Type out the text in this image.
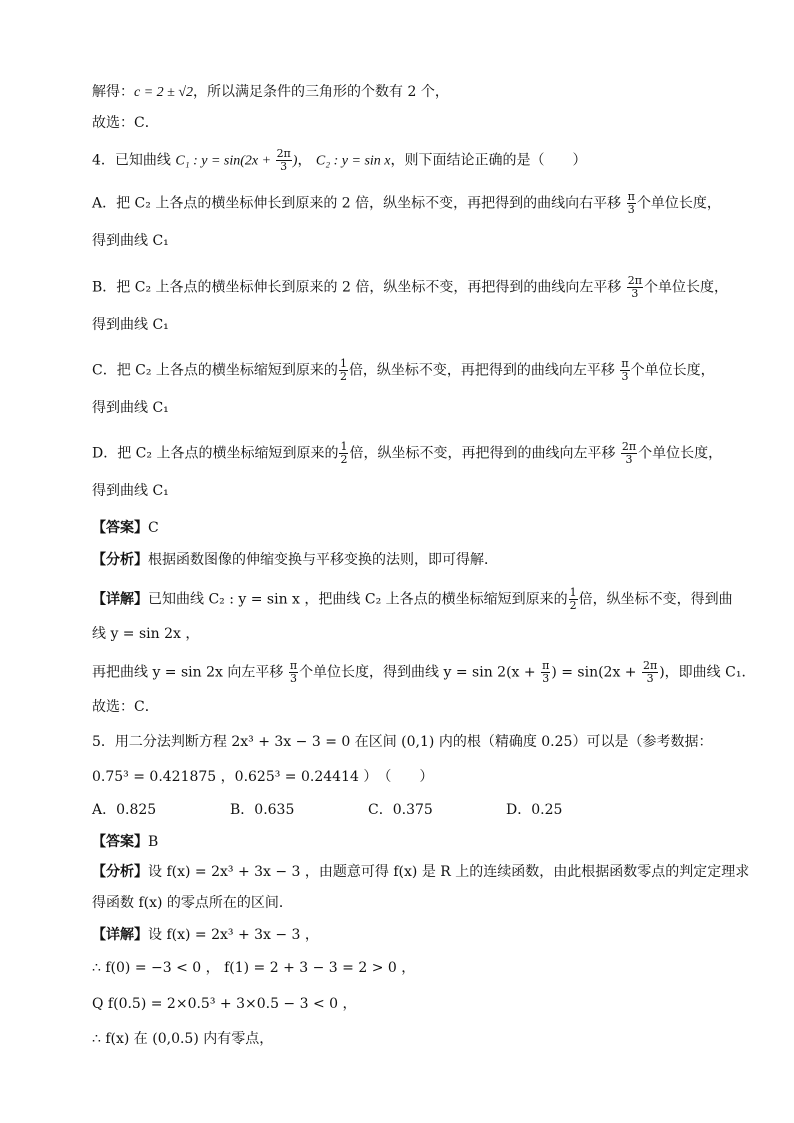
解得：c = 2 ± √2，所以满足条件的三角形的个数有 2 个，
故选：C．
4．已知曲线 C₁ : $y = \sin(2x + \frac{2\pi}{3}$ )， C₂ : y = sin x，则下面结论正确的是（　　）
A．把 C₂ 上各点的横坐标伸长到原来的 2 倍，纵坐标不变，再把得到的曲线向右平移 $\frac{\pi}{3}$ 个单位长度，
得到曲线 C₁
B．把 C₂ 上各点的横坐标伸长到原来的 2 倍，纵坐标不变，再把得到的曲线向左平移 $\frac{2\pi}{3}$ 个单位长度，
得到曲线 C₁
C．把 C₂ 上各点的横坐标缩短到原来的 $\frac{1}{2}$ 倍，纵坐标不变，再把得到的曲线向左平移 $\frac{\pi}{3}$ 个单位长度，
得到曲线 C₁
D．把 C₂ 上各点的横坐标缩短到原来的 $\frac{1}{2}$ 倍，纵坐标不变，再把得到的曲线向左平移 $\frac{2\pi}{3}$ 个单位长度，
得到曲线 C₁
【答案】C
【分析】根据函数图像的伸缩变换与平移变换的法则，即可得解．
【详解】已知曲线 C₂ : y = sin x ，把曲线 C₂ 上各点的横坐标缩短到原来的 $\frac{1}{2}$ 倍，纵坐标不变，得到曲
线 y = sin 2x ，
再把曲线 y = sin 2x 向左平移 $\frac{\pi}{3}$ 个单位长度，得到曲线 $y = \sin 2(x + \frac{\pi}{3}$ ) = $\sin(2x + \frac{2\pi}{3}$ )，即曲线 C₁．
故选：C．
5．用二分法判断方程 2x³ + 3x − 3 = 0 在区间 (0,1) 内的根（精确度 0.25）可以是（参考数据：
0.75³ = 0.421875 ，0.625³ = 0.24414 ）　（　　）
A．0.825	B．0.635	C．0.375	D．0.25
【答案】B
【分析】设 f(x) = 2x³ + 3x − 3 ，由题意可得 f(x) 是 R 上的连续函数，由此根据函数零点的判定定理求
得函数 f(x) 的零点所在的区间．
【详解】设 f(x) = 2x³ + 3x − 3 ，
∴ f(0) = −3 < 0 ， f(1) = 2 + 3 − 3 = 2 > 0 ，
Q f(0.5) = 2×0.5³ + 3×0.5 − 3 < 0 ，
∴ f(x) 在 (0,0.5) 内有零点，
